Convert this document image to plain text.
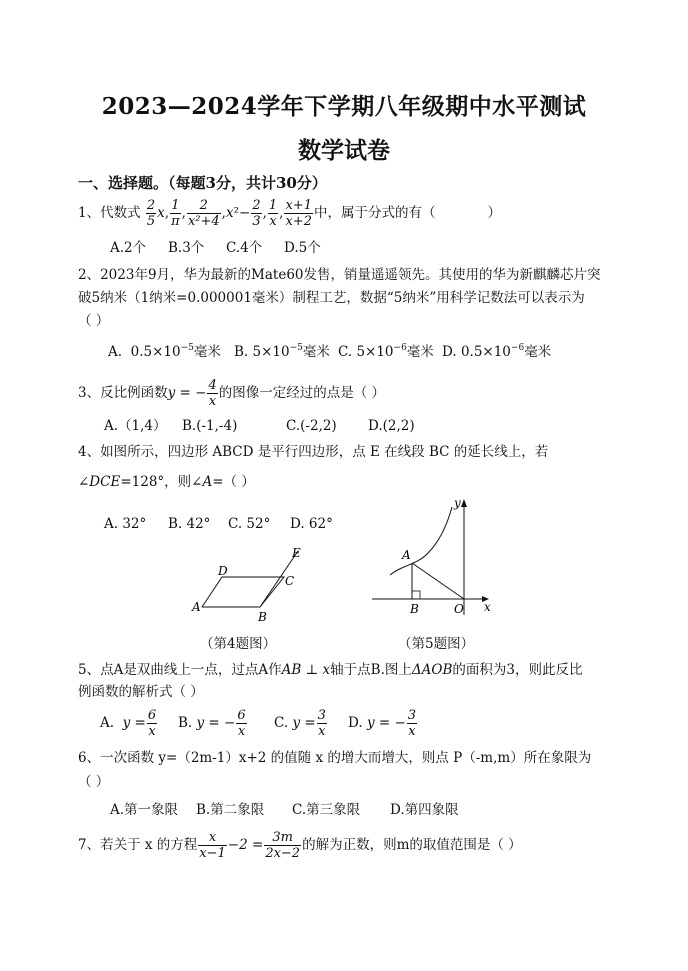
2023—2024学年下学期八年级期中水平测试
数学试卷
一、选择题。（每题3分，共计30分）
1、代数式 $\frac{2}{5} x$, $\frac{1}{\pi}$ , $\frac{2}{\text{x²+4}} ,x^2- \frac{2}{3}$ , $\frac{1}{x}$ , $\frac{x+1}{x+2}$ 中，属于分式的有（	）
A.2个 B.3个 C.4个 D.5个
2、2023年9月，华为最新的Mate60发售，销量遥遥领先。其使用的华为新麒麟芯片突
破5纳米（1纳米=0.000001毫米）制程工艺，数据“5纳米”用科学记数法可以表示为
（ ）
A. $0.5\times 10^{-5}$毫米 B. $5\times 10^{-5}$毫米 C. $5\times 10^{-6}$毫米 D. $0.5\times 10^{-6}$毫米
3、反比例函数y = − $\frac{4}{x}$ 的图像一定经过的点是（ ）
A.（1,4） B.(-1,-4)	C.(-2,2) D.(2,2)
4、如图所示，四边形 ABCD 是平行四边形，点 E 在线段 BC 的延长线上，若
∠DCE=128°，则∠A=（ ）
A. 32° B. 42° C. 52° D. 62°
A
B
C
D
E
（第4题图）
A
B	O x
y
（第5题图）
5、点A是双曲线上一点，过点A作AB ⊥ x轴于点B.图上ΔAOB的面积为3，则此反比
例函数的解析式（ ）
A. $y = \frac{6}{x} B$. y = − $\frac{6}{x} C$. $y = \frac{3}{x} D$. y = − $\frac{3}{x}$
6、一次函数 y=（2m-1）x+2 的值随 x 的增大而增大，则点 P（-m,m）所在象限为
（ ）
A.第一象限 B.第二象限 C.第三象限 D.第四象限
7、若关于 x 的方程 $\frac{x}{x-1} -2 = \frac{3m}{2x-2}$ 的解为正数，则m的取值范围是（ ）
